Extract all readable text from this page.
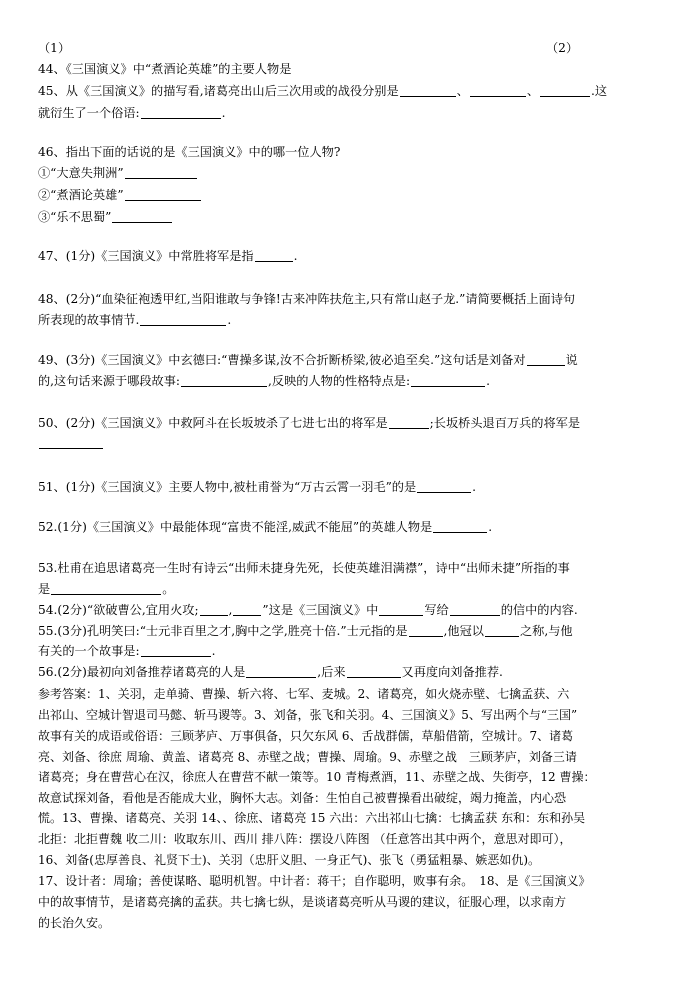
（1）	（2）
44、《三国演义》中“煮酒论英雄”的主要人物是
45、从《三国演义》的描写看,诸葛亮出山后三次用或的战役分别是	、	、	.这
就衍生了一个俗语:	.
46、指出下面的话说的是《三国演义》中的哪一位人物?
①“大意失荆洲”
②“煮酒论英雄”
③“乐不思蜀”
47、(1分)《三国演义》中常胜将军是指	.
48、(2分)“血染征袍透甲红,当阳谁敢与争锋!古来冲阵扶危主,只有常山赵子龙.”请简要概括上面诗句
所表现的故事情节.	.
49、(3分)《三国演义》中玄德曰:“曹操多谋,汝不合折断桥梁,彼必追至矣.”这句话是刘备对	说
的,这句话来源于哪段故事:	,反映的人物的性格特点是:	.
50、(2分)《三国演义》中救阿斗在长坂坡杀了七进七出的将军是	;长坂桥头退百万兵的将军是
51、(1分)《三国演义》主要人物中,被杜甫誉为“万古云霄一羽毛”的是	.
52.(1分)《三国演义》中最能体现“富贵不能淫,威武不能屈”的英雄人物是	.
53.杜甫在追思诸葛亮一生时有诗云“出师未捷身先死，长使英雄泪满襟”，诗中“出师未捷”所指的事
是	。
54.(2分)“欲破曹公,宜用火攻; , ”这是《三国演义》中	写给	的信中的内容.
55.(3分)孔明笑曰:“士元非百里之才,胸中之学,胜亮十倍.”士元指的是	,他冠以	之称,与他
有关的一个故事是:	.
56.(2分)最初向刘备推荐诸葛亮的人是	,后来	又再度向刘备推荐.
参考答案：1、关羽，走单骑、曹操、斩六将、七军、麦城。2、诸葛亮，如火烧赤壁、七擒孟获、六
出祁山、空城计智退司马懿、斩马谡等。3、刘备，张飞和关羽。4、三国演义》5、写出两个与“三国”
故事有关的成语或俗语：三顾茅庐、万事俱备，只欠东风 6、舌战群儒，草船借箭，空城计。7、诸葛
亮、刘备、徐庶 周瑜、黄盖、诸葛亮 8、赤壁之战；曹操、周瑜。9、赤壁之战　三顾茅庐，刘备三请
诸葛亮；身在曹营心在汉，徐庶人在曹营不献一策等。10 青梅煮酒，11、赤壁之战、失街亭，12 曹操：
故意试探刘备，看他是否能成大业，胸怀大志。刘备：生怕自己被曹操看出破绽，竭力掩盖，内心恐
慌。13、曹操、诸葛亮、关羽 14、、徐庶、诸葛亮 15 六出：六出祁山七擒：七擒孟获 东和：东和孙吴
北拒：北拒曹魏 收二川：收取东川、西川 排八阵：摆设八阵图 （任意答出其中两个，意思对即可），
16、刘备(忠厚善良、礼贤下士)、关羽（忠肝义胆、一身正气)、张飞（勇猛粗暴、嫉恶如仇)。
17、设计者：周瑜；善使谋略、聪明机智。中计者：蒋干；自作聪明，败事有余。　18、是《三国演义》
中的故事情节，是诸葛亮擒的孟获。共七擒七纵，是谈诸葛亮听从马谡的建议，征服心理，以求南方
的长治久安。
